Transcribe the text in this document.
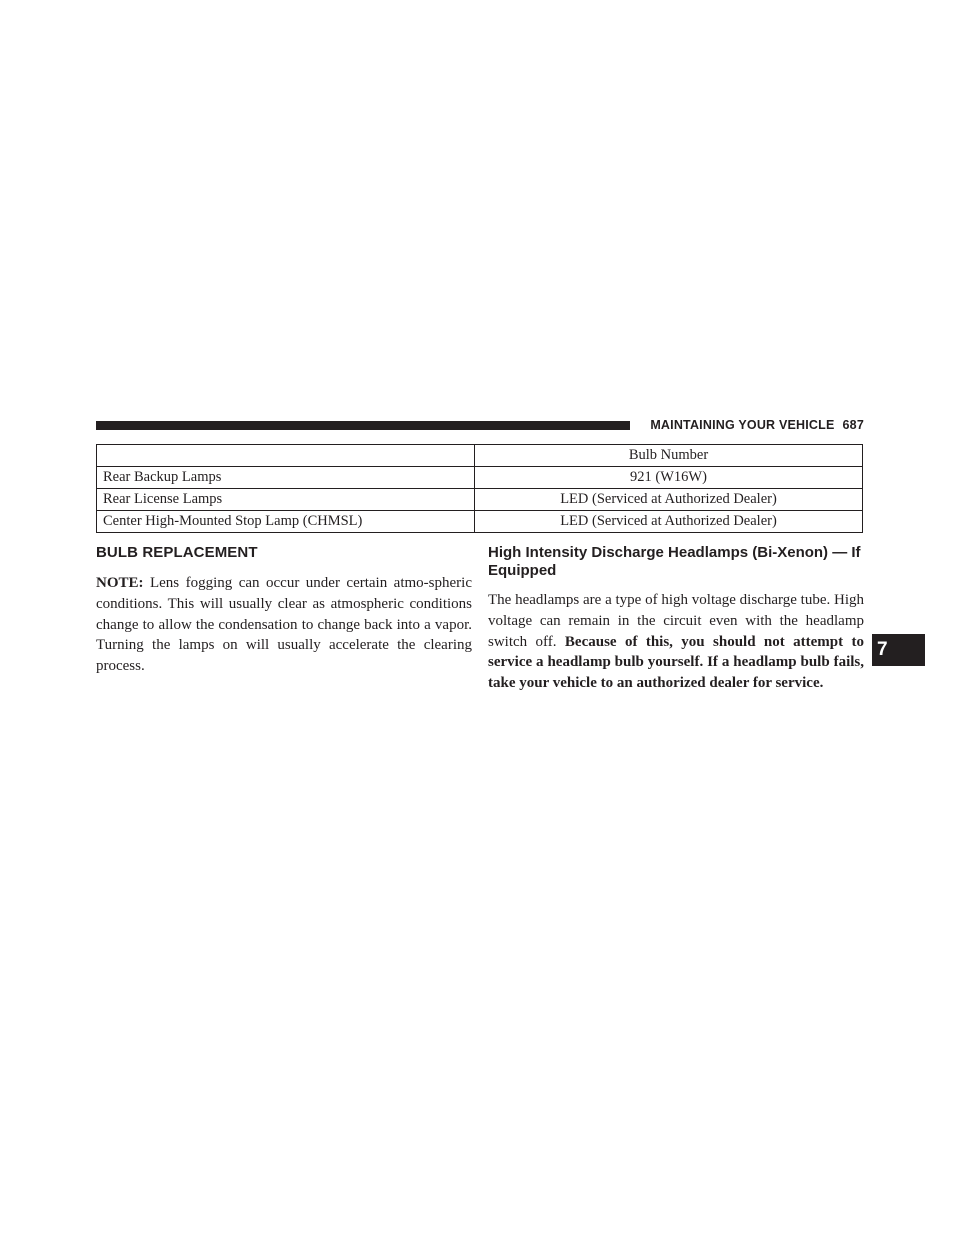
MAINTAINING YOUR VEHICLE 687
	Bulb Number
Rear Backup Lamps	921 (W16W)
Rear License Lamps	LED (Serviced at Authorized Dealer)
Center High-Mounted Stop Lamp (CHMSL)	LED (Serviced at Authorized Dealer)
BULB REPLACEMENT

NOTE: Lens fogging can occur under certain atmo-spheric conditions. This will usually clear as atmospheric conditions change to allow the condensation to change back into a vapor. Turning the lamps on will usually accelerate the clearing process.

High Intensity Discharge Headlamps (Bi-Xenon) — If Equipped

The headlamps are a type of high voltage discharge tube. High voltage can remain in the circuit even with the headlamp switch off. Because of this, you should not attempt to service a headlamp bulb yourself. If a headlamp bulb fails, take your vehicle to an authorized dealer for service.

7
